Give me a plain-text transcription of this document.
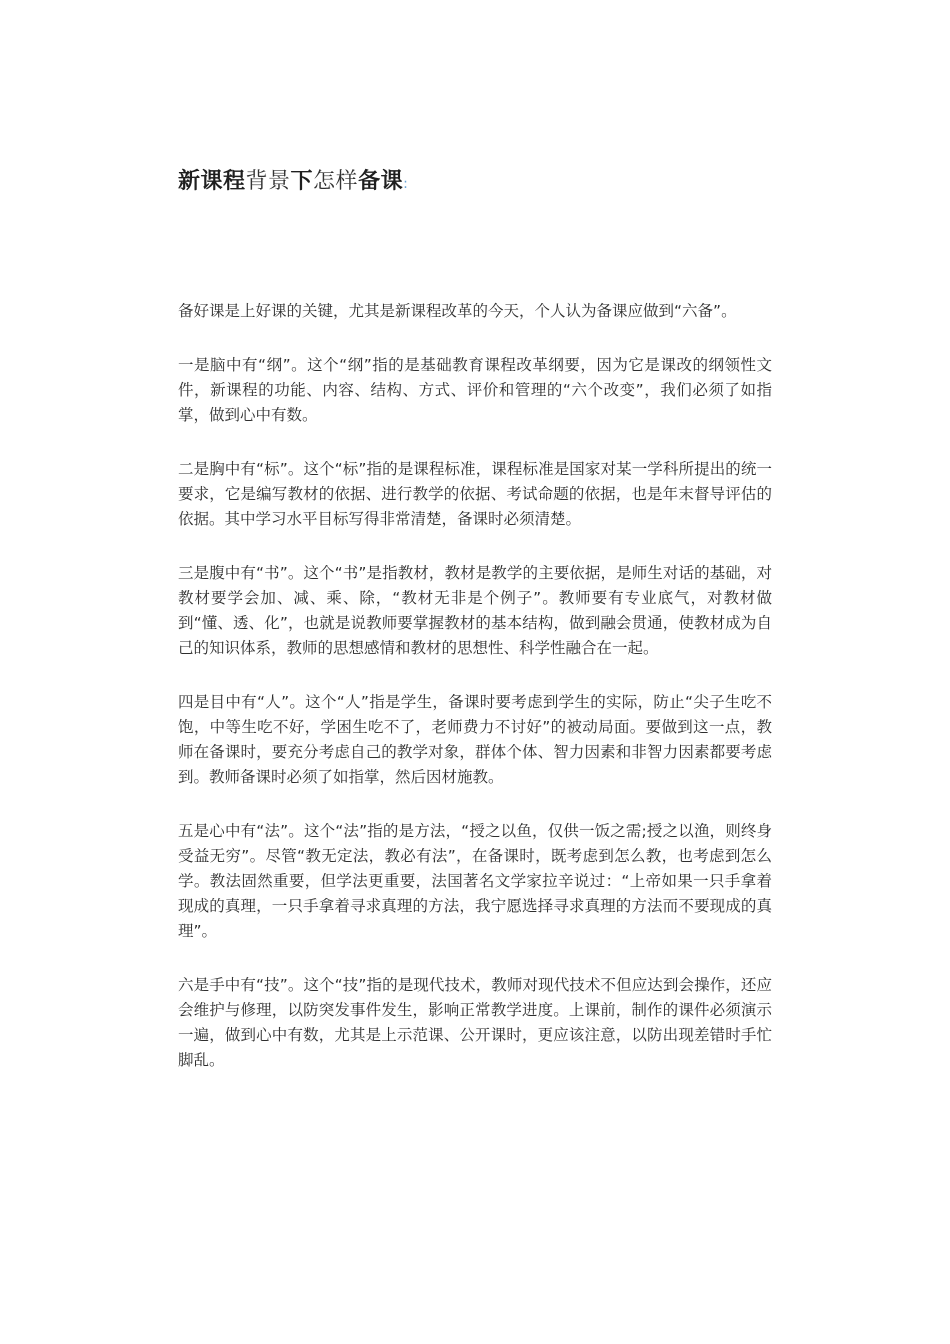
新课程背景下怎样备课:

备好课是上好课的关键，尤其是新课程改革的今天，个人认为备课应做到“六备”。

一是脑中有“纲”。这个“纲”指的是基础教育课程改革纲要，因为它是课改的纲领性文件，新课程的功能、内容、结构、方式、评价和管理的“六个改变”，我们必须了如指掌，做到心中有数。

二是胸中有“标”。这个“标”指的是课程标准，课程标准是国家对某一学科所提出的统一要求，它是编写教材的依据、进行教学的依据、考试命题的依据，也是年末督导评估的依据。其中学习水平目标写得非常清楚，备课时必须清楚。

三是腹中有“书”。这个“书”是指教材，教材是教学的主要依据，是师生对话的基础，对教材要学会加、减、乘、除，“教材无非是个例子”。教师要有专业底气，对教材做到“懂、透、化”，也就是说教师要掌握教材的基本结构，做到融会贯通，使教材成为自己的知识体系，教师的思想感情和教材的思想性、科学性融合在一起。

四是目中有“人”。这个“人”指是学生，备课时要考虑到学生的实际，防止“尖子生吃不饱，中等生吃不好，学困生吃不了，老师费力不讨好”的被动局面。要做到这一点，教师在备课时，要充分考虑自己的教学对象，群体个体、智力因素和非智力因素都要考虑到。教师备课时必须了如指掌，然后因材施教。

五是心中有“法”。这个“法”指的是方法，“授之以鱼，仅供一饭之需;授之以渔，则终身受益无穷”。尽管“教无定法，教必有法”，在备课时，既考虑到怎么教，也考虑到怎么学。教法固然重要，但学法更重要，法国著名文学家拉辛说过：“上帝如果一只手拿着现成的真理，一只手拿着寻求真理的方法，我宁愿选择寻求真理的方法而不要现成的真理”。

六是手中有“技”。这个“技”指的是现代技术，教师对现代技术不但应达到会操作，还应会维护与修理，以防突发事件发生，影响正常教学进度。上课前，制作的课件必须演示一遍，做到心中有数，尤其是上示范课、公开课时，更应该注意，以防出现差错时手忙脚乱。
